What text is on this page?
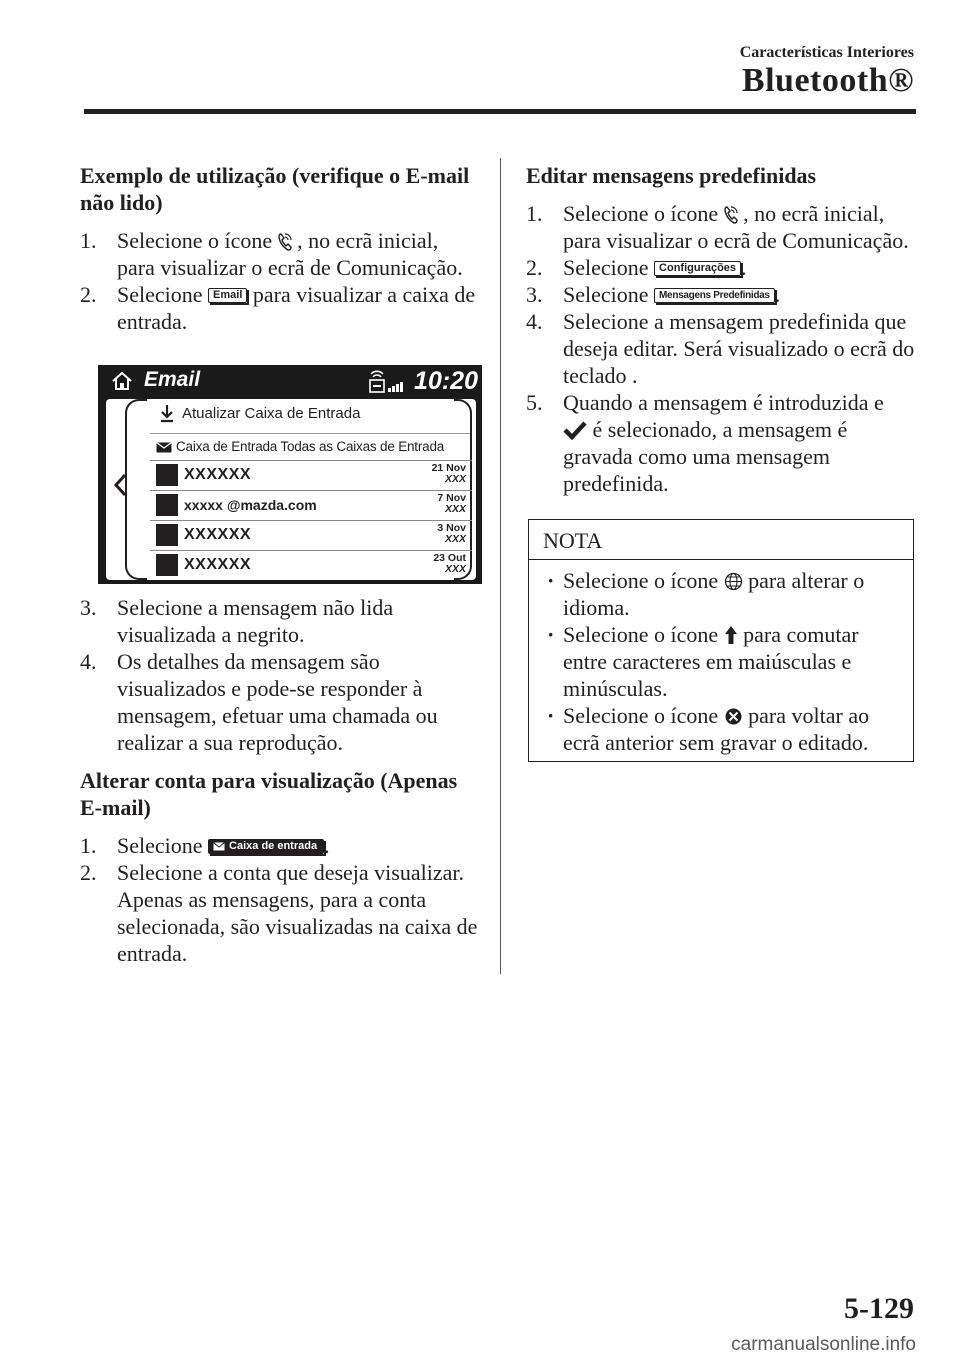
Características Interiores
Bluetooth®

Exemplo de utilização (verifique o E-mail não lido)

1. Selecione o ícone  , no ecrã inicial, para visualizar o ecrã de Comunicação.
2. Selecione Email para visualizar a caixa de entrada.
Email	10:20
Atualizar Caixa de Entrada
Caixa de Entrada Todas as Caixas de Entrada
XXXXXX	21 Nov
XXX
xxxxx @mazda.com	7 Nov
XXX
XXXXXX	3 Nov
XXX
XXXXXX	23 Out
XXX
3. Selecione a mensagem não lida visualizada a negrito.
4. Os detalhes da mensagem são visualizados e pode-se responder à mensagem, efetuar uma chamada ou realizar a sua reprodução.

Alterar conta para visualização (Apenas E-mail)

1. Selecione
Caixa de entrada .
2. Selecione a conta que deseja visualizar. Apenas as mensagens, para a conta selecionada, são visualizadas na caixa de entrada.

Editar mensagens predefinidas

1. Selecione o ícone  , no ecrã inicial, para visualizar o ecrã de Comunicação.
2. Selecione Configurações .
3. Selecione Mensagens Predefinidas .
4. Selecione a mensagem predefinida que deseja editar. Será visualizado o ecrã do teclado .
5. Quando a mensagem é introduzida e
é selecionado, a mensagem é gravada como uma mensagem predefinida.
NOTA
· Selecione o ícone  para alterar o idioma.
· Selecione o ícone  para comutar entre caracteres em maiúsculas e minúsculas.
· Selecione o ícone  para voltar ao ecrã anterior sem gravar o editado.
5-129
carmanualsonline.info
